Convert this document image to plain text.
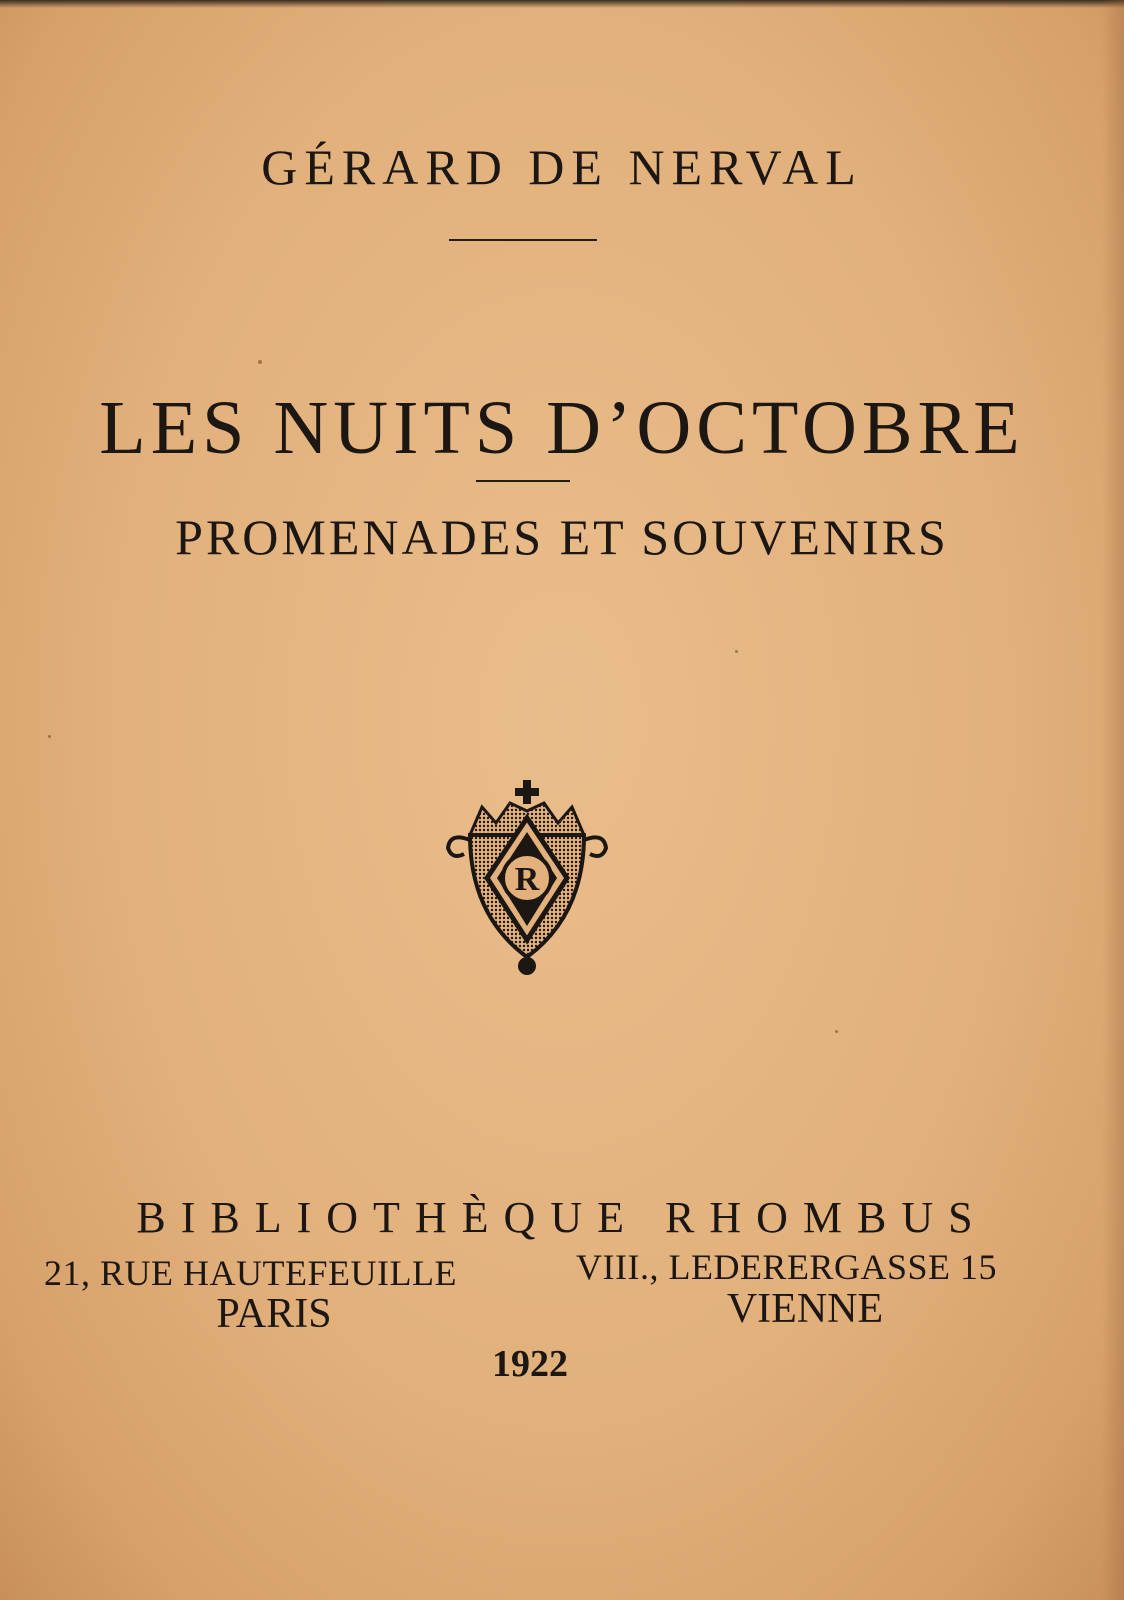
GÉRARD DE NERVAL
LES NUITS D’OCTOBRE
PROMENADES ET SOUVENIRS
R
BIBLIOTHÈQUE RHOMBUS
21, RUE HAUTEFEUILLE	VIII., LEDERERGASSE 15
PARIS	VIENNE
1922
